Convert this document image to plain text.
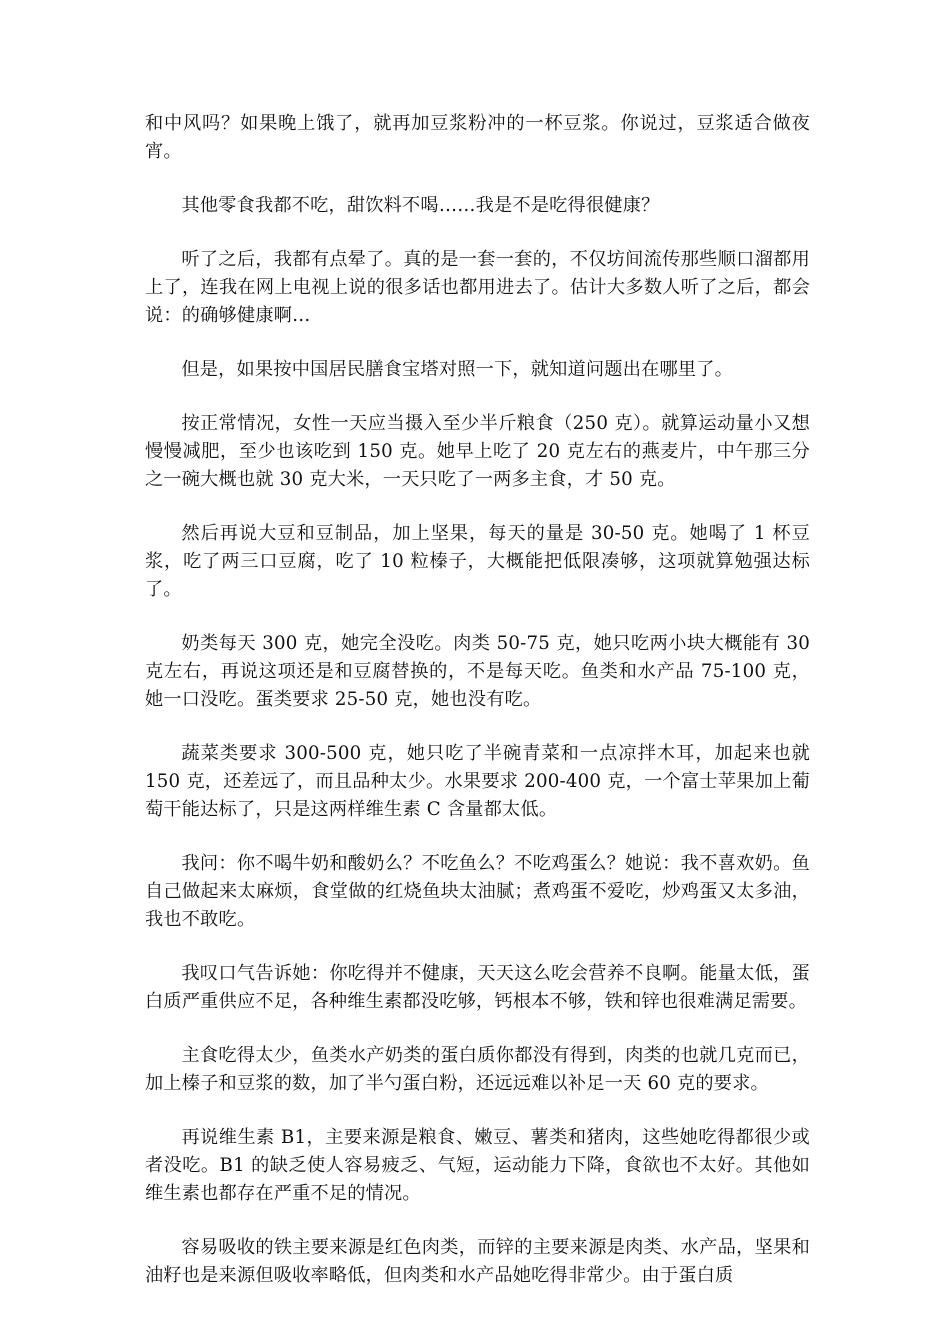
和中风吗？如果晚上饿了，就再加豆浆粉冲的一杯豆浆。你说过，豆浆适合做夜宵。

其他零食我都不吃，甜饮料不喝……我是不是吃得很健康？

听了之后，我都有点晕了。真的是一套一套的，不仅坊间流传那些顺口溜都用上了，连我在网上电视上说的很多话也都用进去了。估计大多数人听了之后，都会说：的确够健康啊…

但是，如果按中国居民膳食宝塔对照一下，就知道问题出在哪里了。

按正常情况，女性一天应当摄入至少半斤粮食（250 克）。就算运动量小又想慢慢减肥，至少也该吃到 150 克。她早上吃了 20 克左右的燕麦片，中午那三分之一碗大概也就 30 克大米，一天只吃了一两多主食，才 50 克。

然后再说大豆和豆制品，加上坚果，每天的量是 30-50 克。她喝了 1 杯豆浆，吃了两三口豆腐，吃了 10 粒榛子，大概能把低限凑够，这项就算勉强达标了。

奶类每天 300 克，她完全没吃。肉类 50-75 克，她只吃两小块大概能有 30 克左右，再说这项还是和豆腐替换的，不是每天吃。鱼类和水产品 75-100 克，她一口没吃。蛋类要求 25-50 克，她也没有吃。

蔬菜类要求 300-500 克，她只吃了半碗青菜和一点凉拌木耳，加起来也就 150 克，还差远了，而且品种太少。水果要求 200-400 克，一个富士苹果加上葡萄干能达标了，只是这两样维生素 C 含量都太低。

我问：你不喝牛奶和酸奶么？不吃鱼么？不吃鸡蛋么？她说：我不喜欢奶。鱼自己做起来太麻烦，食堂做的红烧鱼块太油腻；煮鸡蛋不爱吃，炒鸡蛋又太多油，我也不敢吃。

我叹口气告诉她：你吃得并不健康，天天这么吃会营养不良啊。能量太低，蛋白质严重供应不足，各种维生素都没吃够，钙根本不够，铁和锌也很难满足需要。

主食吃得太少，鱼类水产奶类的蛋白质你都没有得到，肉类的也就几克而已，加上榛子和豆浆的数，加了半勺蛋白粉，还远远难以补足一天 60 克的要求。

再说维生素 B1，主要来源是粮食、嫩豆、薯类和猪肉，这些她吃得都很少或者没吃。B1 的缺乏使人容易疲乏、气短，运动能力下降，食欲也不太好。其他如维生素也都存在严重不足的情况。

容易吸收的铁主要来源是红色肉类，而锌的主要来源是肉类、水产品，坚果和油籽也是来源但吸收率略低，但肉类和水产品她吃得非常少。由于蛋白质
